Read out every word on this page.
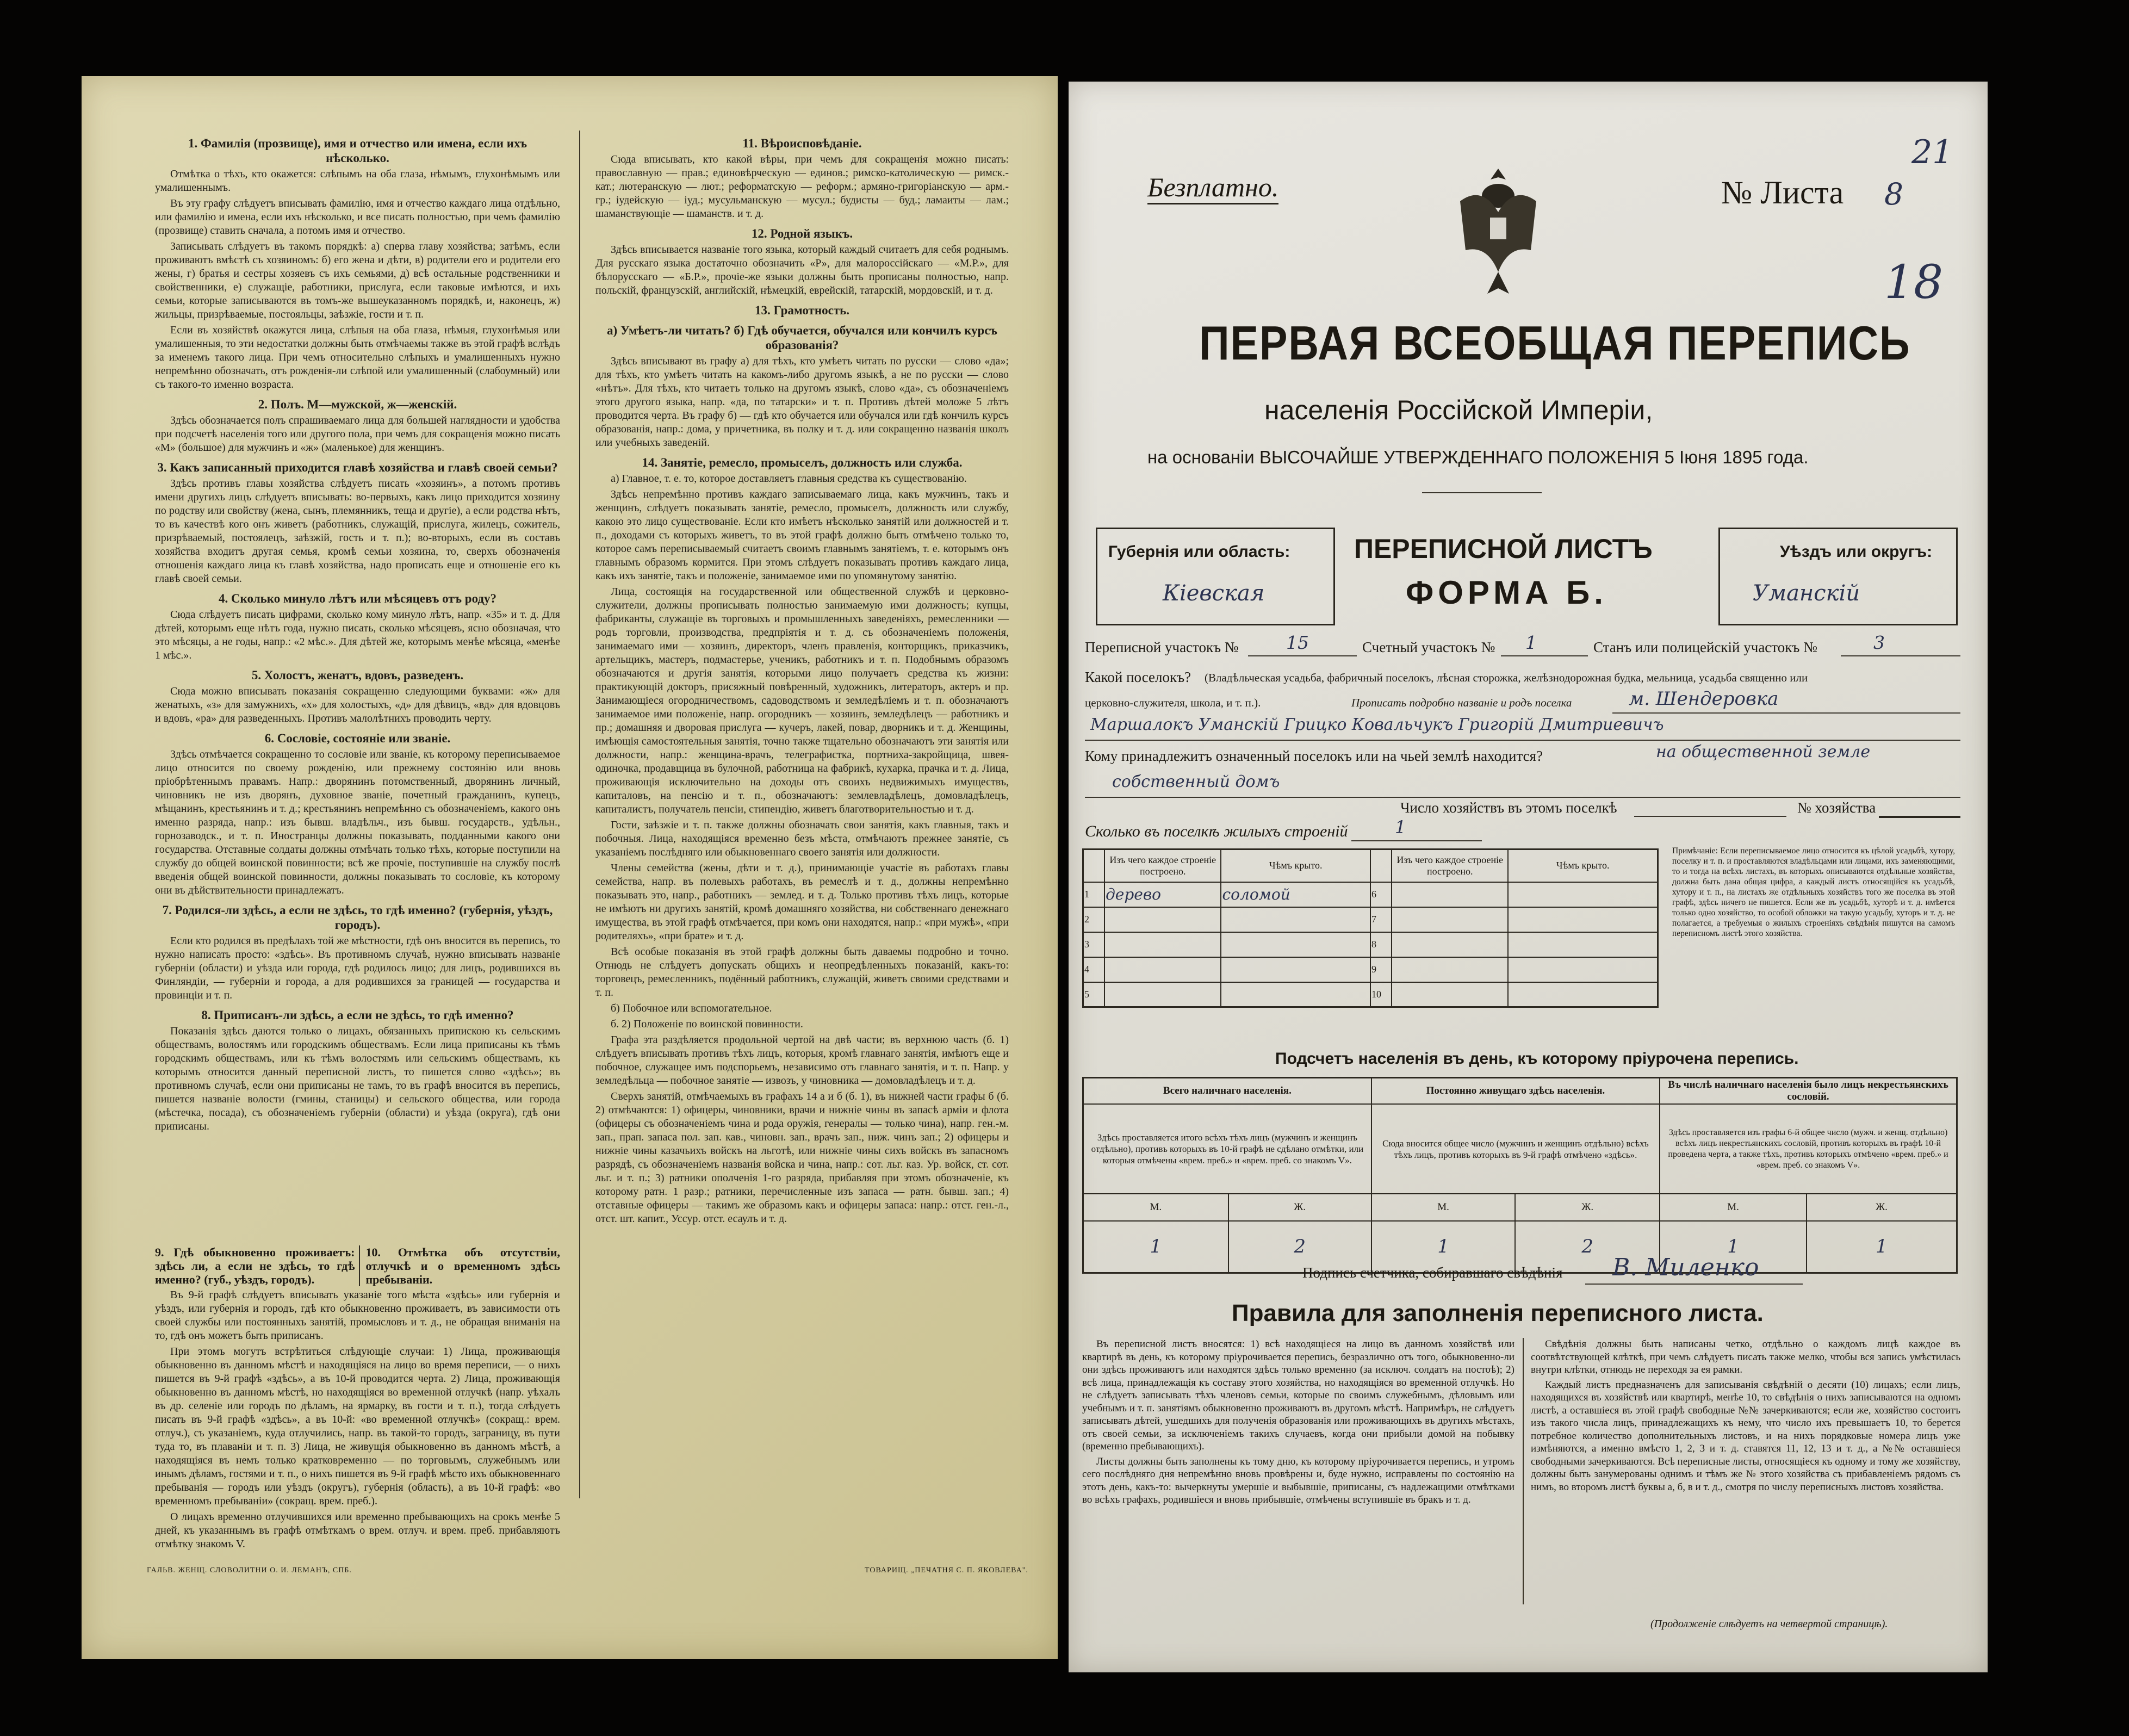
1. Фамилія (прозвище), имя и отчество или имена, если ихъ нѣсколько.

Отмѣтка о тѣхъ, кто окажется: слѣпымъ на оба глаза, нѣмымъ, глухонѣмымъ или умалишеннымъ.

Въ эту графу слѣдуетъ вписывать фамилію, имя и отчество каждаго лица отдѣльно, или фамилію и имена, если ихъ нѣсколько, и все писать полностью, при чемъ фамилію (прозвище) ставить сначала, а потомъ имя и отчество.

Записывать слѣдуетъ въ такомъ порядкѣ: а) сперва главу хозяйства; затѣмъ, если проживаютъ вмѣстѣ съ хозяиномъ: б) его жена и дѣти, в) родители его и родители его жены, г) братья и сестры хозяевъ съ ихъ семьями, д) всѣ остальные родственники и свойственники, е) служащіе, работники, прислуга, если таковые имѣются, и ихъ семьи, которые записываются въ томъ-же вышеуказанномъ порядкѣ, и, наконецъ, ж) жильцы, призрѣваемые, постояльцы, заѣзжіе, гости и т. п.

Если въ хозяйствѣ окажутся лица, слѣпыя на оба глаза, нѣмыя, глухонѣмыя или умалишенныя, то эти недостатки должны быть отмѣчаемы также въ этой графѣ вслѣдъ за именемъ такого лица. При чемъ относительно слѣпыхъ и умалишенныхъ нужно непремѣнно обозначать, отъ рожденія-ли слѣпой или умалишенный (слабоумный) или съ такого-то именно возраста.

2. Полъ. М—мужской, ж—женскій.

Здѣсь обозначается полъ спрашиваемаго лица для большей наглядности и удобства при подсчетѣ населенія того или другого пола, при чемъ для сокращенія можно писать «М» (большое) для мужчинъ и «ж» (маленькое) для женщинъ.

3. Какъ записанный приходится главѣ хозяйства и главѣ своей семьи?

Здѣсь противъ главы хозяйства слѣдуетъ писать «хозяинъ», а потомъ противъ имени другихъ лицъ слѣдуетъ вписывать: во-первыхъ, какъ лицо приходится хозяину по родству или свойству (жена, сынъ, племянникъ, теща и другіе), а если родства нѣтъ, то въ качествѣ кого онъ живетъ (работникъ, служащій, прислуга, жилецъ, сожитель, призрѣваемый, постоялецъ, заѣзжій, гость и т. п.); во-вторыхъ, если въ составъ хозяйства входитъ другая семья, кромѣ семьи хозяина, то, сверхъ обозначенія отношенія каждаго лица къ главѣ хозяйства, надо прописать еще и отношеніе его къ главѣ своей семьи.

4. Сколько минуло лѣтъ или мѣсяцевъ отъ роду?

Сюда слѣдуетъ писать цифрами, сколько кому минуло лѣтъ, напр. «35» и т. д. Для дѣтей, которымъ еще нѣтъ года, нужно писать, сколько мѣсяцевъ, ясно обозначая, что это мѣсяцы, а не годы, напр.: «2 мѣс.». Для дѣтей же, которымъ менѣе мѣсяца, «менѣе 1 мѣс.».

5. Холостъ, женатъ, вдовъ, разведенъ.

Сюда можно вписывать показанія сокращенно следующими буквами: «ж» для женатыхъ, «з» для замужнихъ, «х» для холостыхъ, «д» для дѣвицъ, «вд» для вдовцовъ и вдовъ, «ра» для разведенныхъ. Противъ малолѣтнихъ проводить черту.

6. Сословіе, состояніе или званіе.

Здѣсь отмѣчается сокращенно то сословіе или званіе, къ которому переписываемое лицо относится по своему рожденію, или прежнему состоянію или вновь пріобрѣтеннымъ правамъ. Напр.: дворянинъ потомственный, дворянинъ личный, чиновникъ не изъ дворянъ, духовное званіе, почетный гражданинъ, купецъ, мѣщанинъ, крестьянинъ и т. д.; крестьянинъ непремѣнно съ обозначеніемъ, какого онъ именно разряда, напр.: изъ бывш. владѣльч., изъ бывш. государств., удѣльн., горнозаводск., и т. п. Иностранцы должны показывать, подданными какого они государства. Отставные солдаты должны отмѣчать только тѣхъ, которые поступили на службу до общей воинской повинности; всѣ же прочіе, поступившіе на службу послѣ введенія общей воинской повинности, должны показывать то сословіе, къ которому они въ дѣйствительности принадлежатъ.

7. Родился-ли здѣсь, а если не здѣсь, то гдѣ именно? (губернія, уѣздъ, городъ).

Если кто родился въ предѣлахъ той же мѣстности, гдѣ онъ вносится въ перепись, то нужно написать просто: «здѣсь». Въ противномъ случаѣ, нужно вписывать названіе губерніи (области) и уѣзда или города, гдѣ родилось лицо; для лицъ, родившихся въ Финляндіи, — губерніи и города, а для родившихся за границей — государства и провинціи и т. п.

8. Приписанъ-ли здѣсь, а если не здѣсь, то гдѣ именно?

Показанія здѣсь даются только о лицахъ, обязанныхъ припискою къ сельскимъ обществамъ, волостямъ или городскимъ обществамъ. Если лица приписаны къ тѣмъ городскимъ обществамъ, или къ тѣмъ волостямъ или сельскимъ обществамъ, къ которымъ относится данный переписной листъ, то пишется слово «здѣсь»; въ противномъ случаѣ, если они приписаны не тамъ, то въ графѣ вносится въ перепись, пишется названіе волости (гмины, станицы) и сельского общества, или города (мѣстечка, посада), съ обозначеніемъ губерніи (области) и уѣзда (округа), гдѣ они приписаны.

9. Гдѣ обыкновенно проживаетъ: здѣсь ли, а если не здѣсь, то гдѣ именно? (губ., уѣздъ, городъ).
10. Отмѣтка объ отсутствіи, отлучкѣ и о временномъ здѣсь пребываніи.

Въ 9-й графѣ слѣдуетъ вписывать указаніе того мѣста «здѣсь» или губернія и уѣздъ, или губернія и городъ, гдѣ кто обыкновенно проживаетъ, въ зависимости отъ своей службы или постоянныхъ занятій, промысловъ и т. д., не обращая вниманія на то, гдѣ онъ можетъ быть приписанъ.

При этомъ могутъ встрѣтиться слѣдующіе случаи: 1) Лица, проживающія обыкновенно въ данномъ мѣстѣ и находящіяся на лицо во время переписи, — о нихъ пишется въ 9-й графѣ «здѣсь», а въ 10-й проводится черта. 2) Лица, проживающія обыкновенно въ данномъ мѣстѣ, но находящіяся во временной отлучкѣ (напр. уѣхалъ въ др. селеніе или городъ по дѣламъ, на ярмарку, въ гости и т. п.), тогда слѣдуетъ писать въ 9-й графѣ «здѣсь», а въ 10-й: «во временной отлучкѣ» (сокращ.: врем. отлуч.), съ указаніемъ, куда отлучились, напр. въ такой-то городъ, заграницу, въ пути туда то, въ плаваніи и т. п. 3) Лица, не живущія обыкновенно въ данномъ мѣстѣ, а находящіяся въ немъ только кратковременно — по торговымъ, служебнымъ или инымъ дѣламъ, гостями и т. п., о нихъ пишется въ 9-й графѣ мѣсто ихъ обыкновеннаго пребыванія — городъ или уѣздъ (округъ), губернія (область), а въ 10-й графѣ: «во временномъ пребываніи» (сокращ. врем. преб.).

О лицахъ временно отлучившихся или временно пребывающихъ на срокъ менѣе 5 дней, къ указаннымъ въ графѣ отмѣткамъ о врем. отлуч. и врем. преб. прибавляютъ отмѣтку знакомъ V.

11. Вѣроисповѣданіе.

Сюда вписывать, кто какой вѣры, при чемъ для сокращенія можно писать: православную — прав.; единовѣрческую — единов.; римско-католическую — римск.-кат.; лютеранскую — лют.; реформатскую — реформ.; армяно-григоріанскую — арм.-гр.; іудейскую — іуд.; мусульманскую — мусул.; будисты — буд.; ламаиты — лам.; шаманствующіе — шаманств. и т. д.

12. Родной языкъ.

Здѣсь вписывается названіе того языка, который каждый считаетъ для себя роднымъ. Для русскаго языка достаточно обозначить «Р», для малороссійскаго — «М.Р.», для бѣлорусскаго — «Б.Р.», прочіе-же языки должны быть прописаны полностью, напр. польскій, французскій, английскій, нѣмецкій, еврейскій, татарскій, мордовскій, и т. д.

13. Грамотность.
а) Умѣетъ-ли читать? б) Гдѣ обучается, обучался или кончилъ курсъ образованія?

Здѣсь вписывают въ графу а) для тѣхъ, кто умѣетъ читать по русски — слово «да»; для тѣхъ, кто умѣетъ читать на какомъ-либо другомъ языкѣ, а не по русски — слово «нѣтъ». Для тѣхъ, кто читаетъ только на другомъ языкѣ, слово «да», съ обозначеніемъ этого другого языка, напр. «да, по татарски» и т. п. Противъ дѣтей моложе 5 лѣтъ проводится черта. Въ графу б) — гдѣ кто обучается или обучался или гдѣ кончилъ курсъ образованія, напр.: дома, у причетника, въ полку и т. д. или сокращенно названія школъ или учебныхъ заведеній.

14. Занятіе, ремесло, промыселъ, должность или служба.

а) Главное, т. е. то, которое доставляетъ главныя средства къ существованію.

Здѣсь непремѣнно противъ каждаго записываемаго лица, какъ мужчинъ, такъ и женщинъ, слѣдуетъ показывать занятіе, ремесло, промыселъ, должность или службу, какою это лицо существованіе. Если кто имѣетъ нѣсколько занятій или должностей и т. п., доходами съ которыхъ живетъ, то въ этой графѣ должно быть отмѣчено только то, которое самъ переписываемый считаетъ своимъ главнымъ занятіемъ, т. е. которымъ онъ главнымъ образомъ кормится. При этомъ слѣдуетъ показывать противъ каждаго лица, какъ ихъ занятіе, такъ и положеніе, занимаемое ими по упомянутому занятію.

Лица, состоящія на государственной или общественной службѣ и церковно-служители, должны прописывать полностью занимаемую ими должность; купцы, фабриканты, служащіе въ торговыхъ и промышленныхъ заведеніяхъ, ремесленники — родъ торговли, производства, предпріятія и т. д. съ обозначеніемъ положенія, занимаемаго ими — хозяинъ, директоръ, членъ правленія, конторщикъ, приказчикъ, артельщикъ, мастеръ, подмастерье, ученикъ, работникъ и т. п. Подобнымъ образомъ обозначаются и другія занятія, которыми лицо получаетъ средства къ жизни: практикующій докторъ, присяжный повѣренный, художникъ, литераторъ, актеръ и пр. Занимающіеся огородничествомъ, садоводствомъ и земледѣліемъ и т. п. обозначаютъ занимаемое ими положеніе, напр. огородникъ — хозяинъ, земледѣлецъ — работникъ и пр.; домашняя и дворовая прислуга — кучеръ, лакей, повар, дворникъ и т. д. Женщины, имѣющія самостоятельныя занятія, точно также тщательно обозначаютъ эти занятія или должности, напр.: женщина-врачъ, телеграфистка, портниха-закройщица, швея-одиночка, продавщица въ булочной, работница на фабрикѣ, кухарка, прачка и т. д. Лица, проживающія исключительно на доходы отъ своихъ недвижимыхъ имуществъ, капиталовъ, на пенсію и т. п., обозначаютъ: землевладѣлецъ, домовладѣлецъ, капиталистъ, получатель пенсіи, стипендію, живетъ благотворительностью и т. д.

Гости, заѣзжіе и т. п. также должны обозначать свои занятія, какъ главныя, такъ и побочныя. Лица, находящіяся временно безъ мѣста, отмѣчаютъ прежнее занятіе, съ указаніемъ послѣдняго или обыкновеннаго своего занятія или должности.

Члены семейства (жены, дѣти и т. д.), принимающіе участіе въ работахъ главы семейства, напр. въ полевыхъ работахъ, въ ремеслѣ и т. д., должны непремѣнно показывать это, напр., работникъ — землед. и т. д. Только противъ тѣхъ лицъ, которые не имѣютъ ни другихъ занятій, кромѣ домашняго хозяйства, ни собственнаго денежнаго имущества, въ этой графѣ отмѣчается, при комъ они находятся, напр.: «при мужѣ», «при родителяхъ», «при брате» и т. д.

Всѣ особые показанія въ этой графѣ должны быть даваемы подробно и точно. Отнюдь не слѣдуетъ допускать общихъ и неопредѣленныхъ показаній, какъ-то: торговецъ, ремесленникъ, подённый работникъ, служащій, живетъ своими средствами и т. п.

б) Побочное или вспомогательное.

б. 2) Положеніе по воинской повинности.

Графа эта раздѣляется продольной чертой на двѣ части; въ верхнюю часть (б. 1) слѣдуетъ вписывать противъ тѣхъ лицъ, которыя, кромѣ главнаго занятія, имѣютъ еще и побочное, служащее имъ подспорьемъ, независимо отъ главнаго занятія, и т. п. Напр. у земледѣльца — побочное занятіе — извозъ, у чиновника — домовладѣлецъ и т. д.

Сверхъ занятій, отмѣчаемыхъ въ графахъ 14 а и б (б. 1), въ нижней части графы б (б. 2) отмѣчаются: 1) офицеры, чиновники, врачи и нижніе чины въ запасѣ арміи и флота (офицеры съ обозначеніемъ чина и рода оружія, генералы — только чина), напр. ген.-м. зап., прап. запаса пол. зап. кав., чиновн. зап., врачъ зап., ниж. чинъ зап.; 2) офицеры и нижніе чины казачьихъ войскъ на льготѣ, или нижніе чины сихъ войскъ въ запасномъ разрядѣ, съ обозначеніемъ названія войска и чина, напр.: сот. льг. каз. Ур. войск, ст. сот. льг. и т. п.; 3) ратники ополченія 1-го разряда, прибавляя при этомъ обозначеніе, къ которому ратн. 1 разр.; ратники, перечисленные изъ запаса — ратн. бывш. зап.; 4) отставные офицеры — такимъ же образомъ какъ и офицеры запаса: напр.: отст. ген.-л., отст. шт. капит., Уссур. отст. есаулъ и т. д.

ГАЛЬВ. ЖЕНЩ. СЛОВОЛИТНИ О. И. ЛЕМАНЪ, СПБ.	ТОВАРИЩ. „ПЕЧАТНЯ С. П. ЯКОВЛЕВА".
Безплатно.	№ Листа 8
21
18
ПЕРВАЯ ВСЕОБЩАЯ ПЕРЕПИСЬ
населенія Россійской Имперіи,
на основаніи ВЫСОЧАЙШЕ УТВЕРЖДЕННАГО ПОЛОЖЕНІЯ 5 Іюня 1895 года.
Губернія или область:
Кіевская
ПЕРЕПИСНОЙ ЛИСТЪ
ФОРМА Б.
Уѣздъ или округъ:
Уманскій
Переписной участокъ №	15	Счетный участокъ № 1	Станъ или полицейскій участокъ №	3
Какой поселокъ? (Владѣльческая усадьба, фабричный поселокъ, лѣсная сторожка, желѣзнодорожная будка, мельница, усадьба священно или
церковно-служителя, школа, и т. п.).	Прописать подробно названіе и родъ поселка	м. Шендеровка
Маршалокъ Уманскій Грицко Ковальчукъ Григорій Дмитриевичъ
Кому принадлежитъ означенный поселокъ или на чьей землѣ находится?	на общественной земле
собственный домъ
Число хозяйствъ въ этомъ поселкѣ	№ хозяйства
Сколько въ поселкѣ жилыхъ строеній	1
	Изъ чего каждое строеніе построено.	Чѣмъ крыто.		Изъ чего каждое строеніе построено.	Чѣмъ крыто.
1	дерево	соломой	6		
2			7		
3			8		
4			9		
5			10		
Примѣчаніе: Если переписываемое лицо относится къ цѣлой усадьбѣ, хутору, поселку и т. п. и проставляются владѣльцами или лицами, ихъ заменяющими, то и тогда на всѣхъ листахъ, въ которыхъ описываются отдѣльные хозяйства, должна быть дана общая цифра, а каждый листъ относящійся къ усадьбѣ, хутору и т. п., на листахъ же отдѣльныхъ хозяйствъ того же поселка въ этой графѣ, здѣсь ничего не пишется. Если же въ усадьбѣ, хуторѣ и т. д. имѣется только одно хозяйство, то особой обложки на такую усадьбу, хуторъ и т. д. не полагается, а требуемыя о жилыхъ строеніяхъ свѣдѣнія пишутся на самомъ переписномъ листѣ этого хозяйства.
Подсчетъ населенія въ день, къ которому пріурочена перепись.
Всего наличнаго населенія.		Постоянно живущаго здѣсь населенія.		Въ числѣ наличнаго населенія было лицъ некрестьянскихъ сословій.	
Здѣсь проставляется итого всѣхъ тѣхъ лицъ (мужчинъ и женщинъ отдѣльно), противъ которыхъ въ 10-й графѣ не сдѣлано отмѣтки, или которыя отмѣчены «врем. преб.» и «врем. преб. со знакомъ V».		Сюда вносится общее число (мужчинъ и женщинъ отдѣльно) всѣхъ тѣхъ лицъ, противъ которыхъ въ 9-й графѣ отмѣчено «здѣсь».		Здѣсь проставляется изъ графы 6-й общее число (мужч. и женщ. отдѣльно) всѣхъ лицъ некрестьянскихъ сословій, противъ которыхъ въ графѣ 10-й проведена черта, а также тѣхъ, противъ которыхъ отмѣчено «врем. преб.» и «врем. преб. со знакомъ V».	
М.	Ж.	М.	Ж.	М.	Ж.
1	2	1	2	1	1
Подпись счетчика, собиравшаго свѣдѣнія В. Миленко
Правила для заполненія переписного листа.

Въ переписной листъ вносятся: 1) всѣ находящіеся на лицо въ данномъ хозяйствѣ или квартирѣ въ день, къ которому пріурочивается перепись, безразлично отъ того, обыкновенно-ли они здѣсь проживаютъ или находятся здѣсь только временно (за исключ. солдатъ на постоѣ); 2) всѣ лица, принадлежащія къ составу этого хозяйства, но находящіяся во временной отлучкѣ. Но не слѣдуетъ записывать тѣхъ членовъ семьи, которые по своимъ служебнымъ, дѣловымъ или учебнымъ и т. п. занятіямъ обыкновенно проживаютъ въ другомъ мѣстѣ. Напримѣръ, не слѣдуетъ записывать дѣтей, ушедшихъ для полученія образованія или проживающихъ въ другихъ мѣстахъ, отъ своей семьи, за исключеніемъ такихъ случаевъ, когда они прибыли домой на побывку (временно пребывающихъ).

Листы должны быть заполнены къ тому дню, къ которому пріурочивается перепись, и утромъ сего послѣдняго дня непремѣнно вновь провѣрены и, буде нужно, исправлены по состоянію на этотъ день, какъ-то: вычеркнуты умершіе и выбывшіе, приписаны, съ надлежащими отмѣтками во всѣхъ графахъ, родившіеся и вновь прибывшіе, отмѣчены вступившіе въ бракъ и т. д.

Свѣдѣнія должны быть написаны четко, отдѣльно о каждомъ лицѣ каждое въ соотвѣтствующей клѣткѣ, при чемъ слѣдуетъ писать также мелко, чтобы вся запись умѣстилась внутри клѣтки, отнюдь не переходя за ея рамки.

Каждый листъ предназначенъ для записыванія свѣдѣній о десяти (10) лицахъ; если лицъ, находящихся въ хозяйствѣ или квартирѣ, менѣе 10, то свѣдѣнія о нихъ записываются на одномъ листѣ, а оставшіеся въ этой графѣ свободные №№ зачеркиваются; если же, хозяйство состоитъ изъ такого числа лицъ, принадлежащихъ къ нему, что число ихъ превышаетъ 10, то берется потребное количество дополнительныхъ листовъ, и на нихъ порядковые номера лицъ уже измѣняются, а именно вмѣсто 1, 2, 3 и т. д. ставятся 11, 12, 13 и т. д., а №№ оставшіеся свободными зачеркиваются. Всѣ переписные листы, относящіеся къ одному и тому же хозяйству, должны быть занумерованы однимъ и тѣмъ же № этого хозяйства съ прибавленіемъ рядомъ съ нимъ, во второмъ листѣ буквы а, б, в и т. д., смотря по числу переписныхъ листовъ хозяйства.

(Продолженіе слѣдуетъ на четвертой страницѣ).
